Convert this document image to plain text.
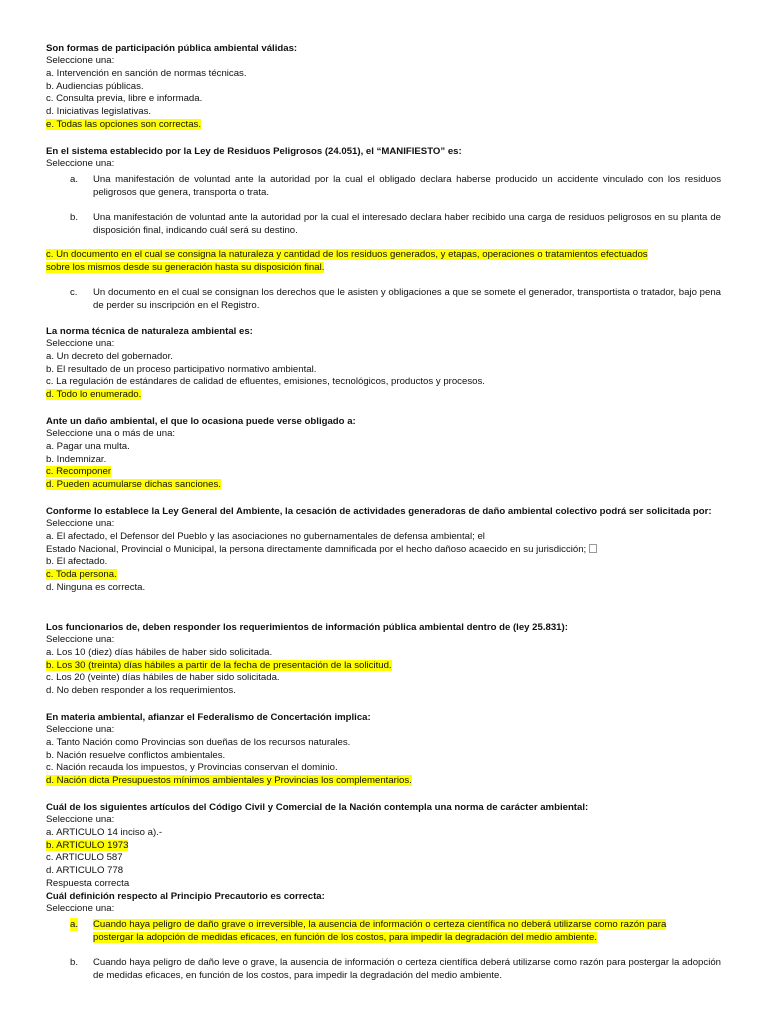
Son formas de participación pública ambiental válidas:
Seleccione una:
a. Intervención en sanción de normas técnicas.
b. Audiencias públicas.
c. Consulta previa, libre e informada.
d. Iniciativas legislativas.
e. Todas las opciones son correctas.
En el sistema establecido por la Ley de Residuos Peligrosos (24.051), el “MANIFIESTO” es:
Seleccione una:
a. Una manifestación de voluntad ante la autoridad por la cual el obligado declara haberse producido un accidente vinculado con los residuos peligrosos que genera, transporta o trata.
b. Una manifestación de voluntad ante la autoridad por la cual el interesado declara haber recibido una carga de residuos peligrosos en su planta de disposición final, indicando cuál será su destino.
c. Un documento en el cual se consigna la naturaleza y cantidad de los residuos generados, y etapas, operaciones o tratamientos efectuados
sobre los mismos desde su generación hasta su disposición final.
c. Un documento en el cual se consignan los derechos que le asisten y obligaciones a que se somete el generador, transportista o tratador, bajo pena de perder su inscripción en el Registro.
La norma técnica de naturaleza ambiental es:
Seleccione una:
a. Un decreto del gobernador.
b. El resultado de un proceso participativo normativo ambiental.
c. La regulación de estándares de calidad de efluentes, emisiones, tecnológicos, productos y procesos.
d. Todo lo enumerado.
Ante un daño ambiental, el que lo ocasiona puede verse obligado a:
Seleccione una o más de una:
a. Pagar una multa.
b. Indemnizar.
c. Recomponer
d. Pueden acumularse dichas sanciones.
Conforme lo establece la Ley General del Ambiente, la cesación de actividades generadoras de daño ambiental colectivo podrá ser solicitada por:
Seleccione una:
a. El afectado, el Defensor del Pueblo y las asociaciones no gubernamentales de defensa ambiental; el
Estado Nacional, Provincial o Municipal, la persona directamente damnificada por el hecho dañoso acaecido en su jurisdicción;
b. El afectado.
c. Toda persona.
d. Ninguna es correcta.
Los funcionarios de, deben responder los requerimientos de información pública ambiental dentro de (ley 25.831):
Seleccione una:
a. Los 10 (diez) días hábiles de haber sido solicitada.
b. Los 30 (treinta) días hábiles a partir de la fecha de presentación de la solicitud.
c. Los 20 (veinte) días hábiles de haber sido solicitada.
d. No deben responder a los requerimientos.
En materia ambiental, afianzar el Federalismo de Concertación implica:
Seleccione una:
a. Tanto Nación como Provincias son dueñas de los recursos naturales.
b. Nación resuelve conflictos ambientales.
c. Nación recauda los impuestos, y Provincias conservan el dominio.
d. Nación dicta Presupuestos mínimos ambientales y Provincias los complementarios.
Cuál de los siguientes artículos del Código Civil y Comercial de la Nación contempla una norma de carácter ambiental:
Seleccione una:
a. ARTICULO 14 inciso a).-
b. ARTICULO 1973
c. ARTICULO 587
d. ARTICULO 778
Respuesta correcta
Cuál definición respecto al Principio Precautorio es correcta:
Seleccione una:
a. Cuando haya peligro de daño grave o irreversible, la ausencia de información o certeza científica no deberá utilizarse como razón para
postergar la adopción de medidas eficaces, en función de los costos, para impedir la degradación del medio ambiente.
b. Cuando haya peligro de daño leve o grave, la ausencia de información o certeza científica deberá utilizarse como razón para postergar la adopción de medidas eficaces, en función de los costos, para impedir la degradación del medio ambiente.
